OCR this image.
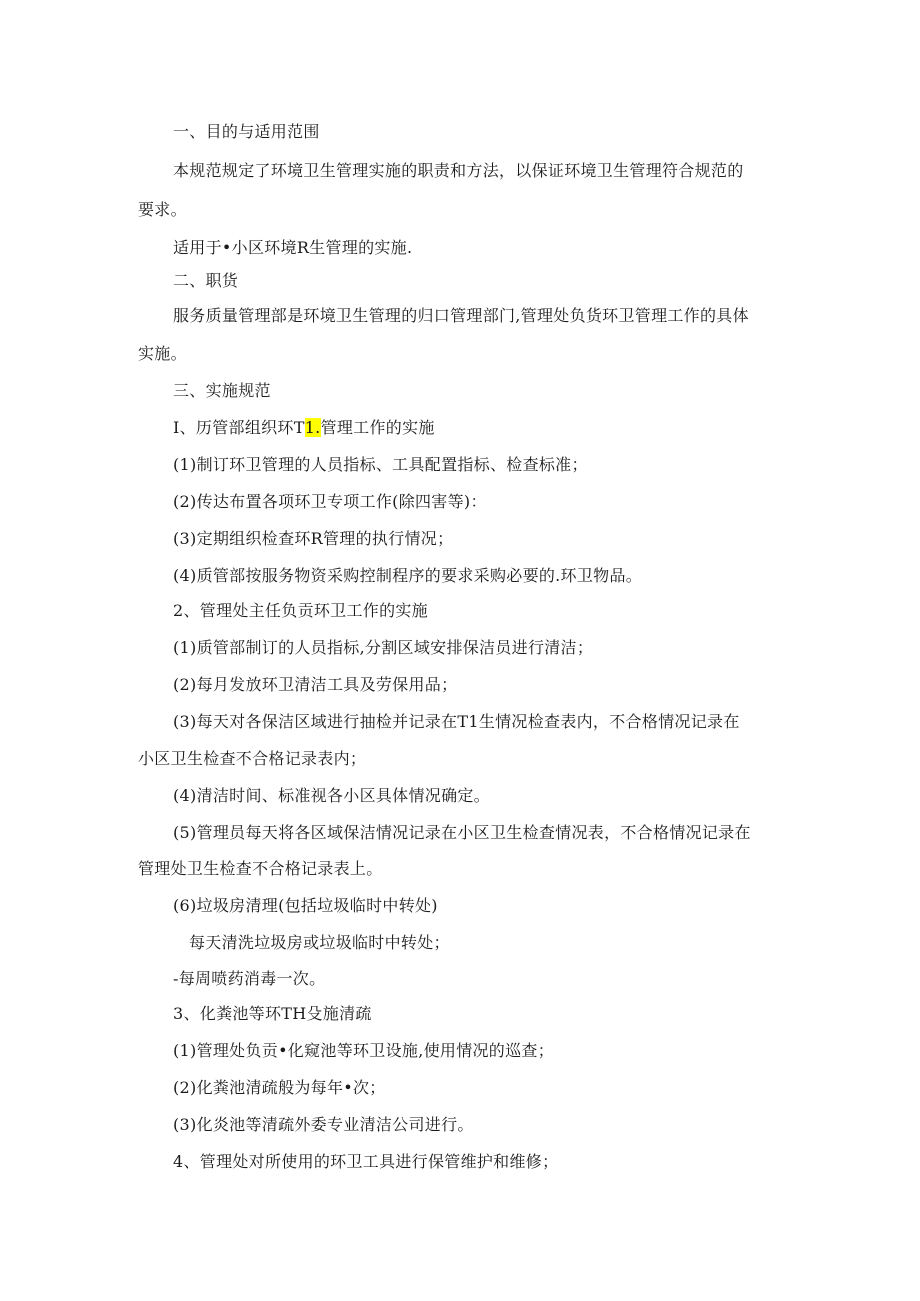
一、目的与适用范围
本规范规定了环境卫生管理实施的职责和方法，以保证环境卫生管理符合规范的
要求。
适用于•小区环境R生管理的实施.
二、职货
服务质量管理部是环境卫生管理的归口管理部门,管理处负货环卫管理工作的具体
实施。
三、实施规范
I、历管部组织环T1.管理工作的实施
(1)制订环卫管理的人员指标、工具配置指标、检查标准；
(2)传达布置各项环卫专项工作(除四害等)：
(3)定期组织检查环R管理的执行情况；
(4)质管部按服务物资采购控制程序的要求采购必要的.环卫物品。
2、管理处主任负贡环卫工作的实施
(1)质管部制订的人员指标,分割区域安排保洁员进行清洁；
(2)每月发放环卫清洁工具及劳保用品；
(3)每天对各保洁区域进行抽检并记录在T1生情况检查表内，不合格情况记录在
小区卫生检查不合格记录表内；
(4)清洁时间、标准视各小区具体情况确定。
(5)管理员每天将各区域保洁情况记录在小区卫生检查情况表，不合格情况记录在
管理处卫生检查不合格记录表上。
(6)垃圾房清理(包括垃圾临时中转处)
每天清洗垃圾房或垃圾临时中转处；
-每周喷药消毒一次。
3、化粪池等环TH殳施清疏
(1)管理处负贡•化窥池等环卫设施,使用情况的巡查；
(2)化粪池清疏般为每年•次；
(3)化炎池等清疏外委专业清洁公司进行。
4、管理处对所使用的环卫工具进行保管维护和维修；
